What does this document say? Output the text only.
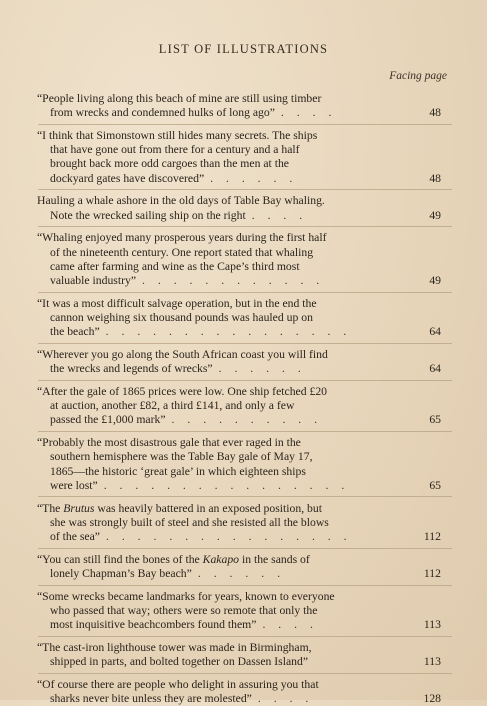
LIST OF ILLUSTRATIONS
Facing page
“People living along this beach of mine are still using timber
from wrecks and condemned hulks of long ago” . . . .	48
“I think that Simonstown still hides many secrets. The ships
that have gone out from there for a century and a half
brought back more odd cargoes than the men at the
dockyard gates have discovered” . . . . . .	48
Hauling a whale ashore in the old days of Table Bay whaling.
Note the wrecked sailing ship on the right . . . .	49
“Whaling enjoyed many prosperous years during the first half
of the nineteenth century. One report stated that whaling
came after farming and wine as the Cape’s third most
valuable industry” . . . . . . . . . . . .	49
“It was a most difficult salvage operation, but in the end the
cannon weighing six thousand pounds was hauled up on
the beach” . . . . . . . . . . . . . . . .	64
“Wherever you go along the South African coast you will find
the wrecks and legends of wrecks” . . . . . .	64
“After the gale of 1865 prices were low. One ship fetched £20
at auction, another £82, a third £141, and only a few
passed the £1,000 mark” . . . . . . . . . .	65
“Probably the most disastrous gale that ever raged in the
southern hemisphere was the Table Bay gale of May 17,
1865—the historic ‘great gale’ in which eighteen ships
were lost” . . . . . . . . . . . . . . . .	65
“The Brutus was heavily battered in an exposed position, but
she was strongly built of steel and she resisted all the blows
of the sea” . . . . . . . . . . . . . . . .	112
“You can still find the bones of the Kakapo in the sands of
lonely Chapman’s Bay beach” . . . . . .	112
“Some wrecks became landmarks for years, known to everyone
who passed that way; others were so remote that only the
most inquisitive beachcombers found them” . . . .	113
“The cast-iron lighthouse tower was made in Birmingham,
shipped in parts, and bolted together on Dassen Island”	113
“Of course there are people who delight in assuring you that
sharks never bite unless they are molested” . . . .	128
